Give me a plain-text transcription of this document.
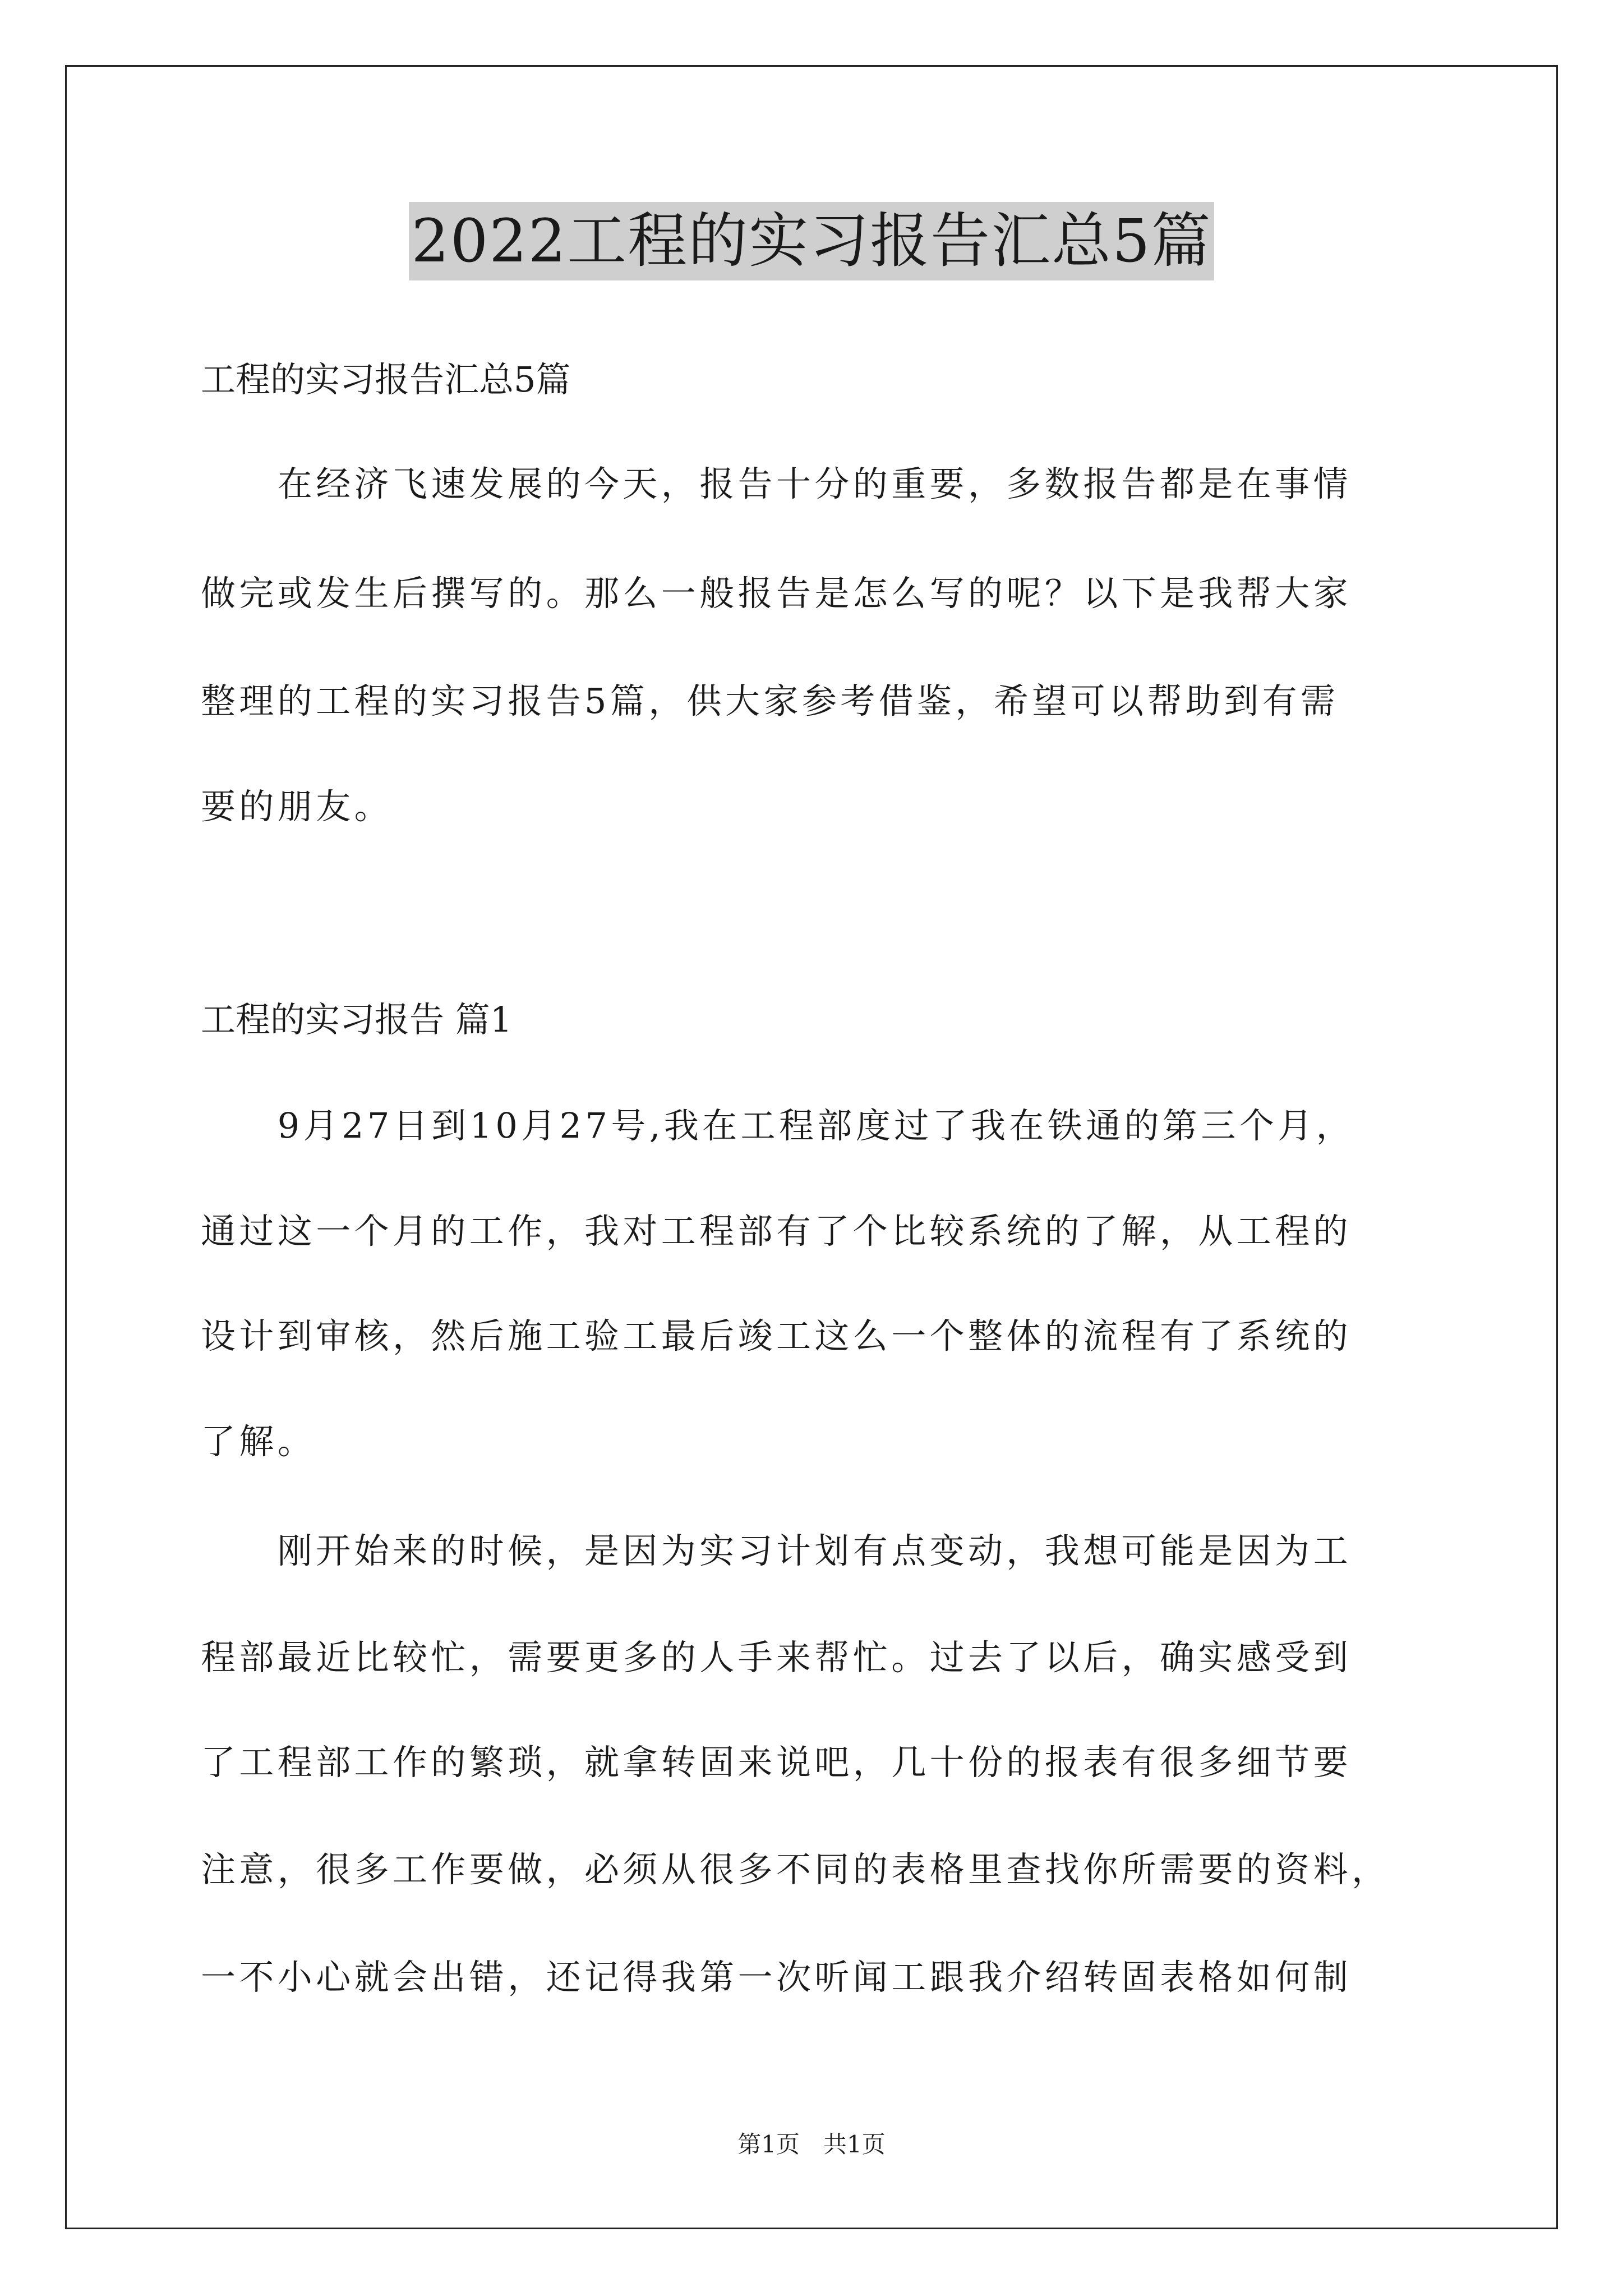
2022工程的实习报告汇总5篇
工程的实习报告汇总5篇
　　在经济飞速发展的今天，报告十分的重要，多数报告都是在事情
做完或发生后撰写的。那么一般报告是怎么写的呢？以下是我帮大家
整理的工程的实习报告5篇，供大家参考借鉴，希望可以帮助到有需
要的朋友。
工程的实习报告 篇1
　　9月27日到10月27号,我在工程部度过了我在铁通的第三个月，
通过这一个月的工作，我对工程部有了个比较系统的了解，从工程的
设计到审核，然后施工验工最后竣工这么一个整体的流程有了系统的
了解。
　　刚开始来的时候，是因为实习计划有点变动，我想可能是因为工
程部最近比较忙，需要更多的人手来帮忙。过去了以后，确实感受到
了工程部工作的繁琐，就拿转固来说吧，几十份的报表有很多细节要
注意，很多工作要做，必须从很多不同的表格里查找你所需要的资料，
一不小心就会出错，还记得我第一次听闻工跟我介绍转固表格如何制
第1页　共1页
